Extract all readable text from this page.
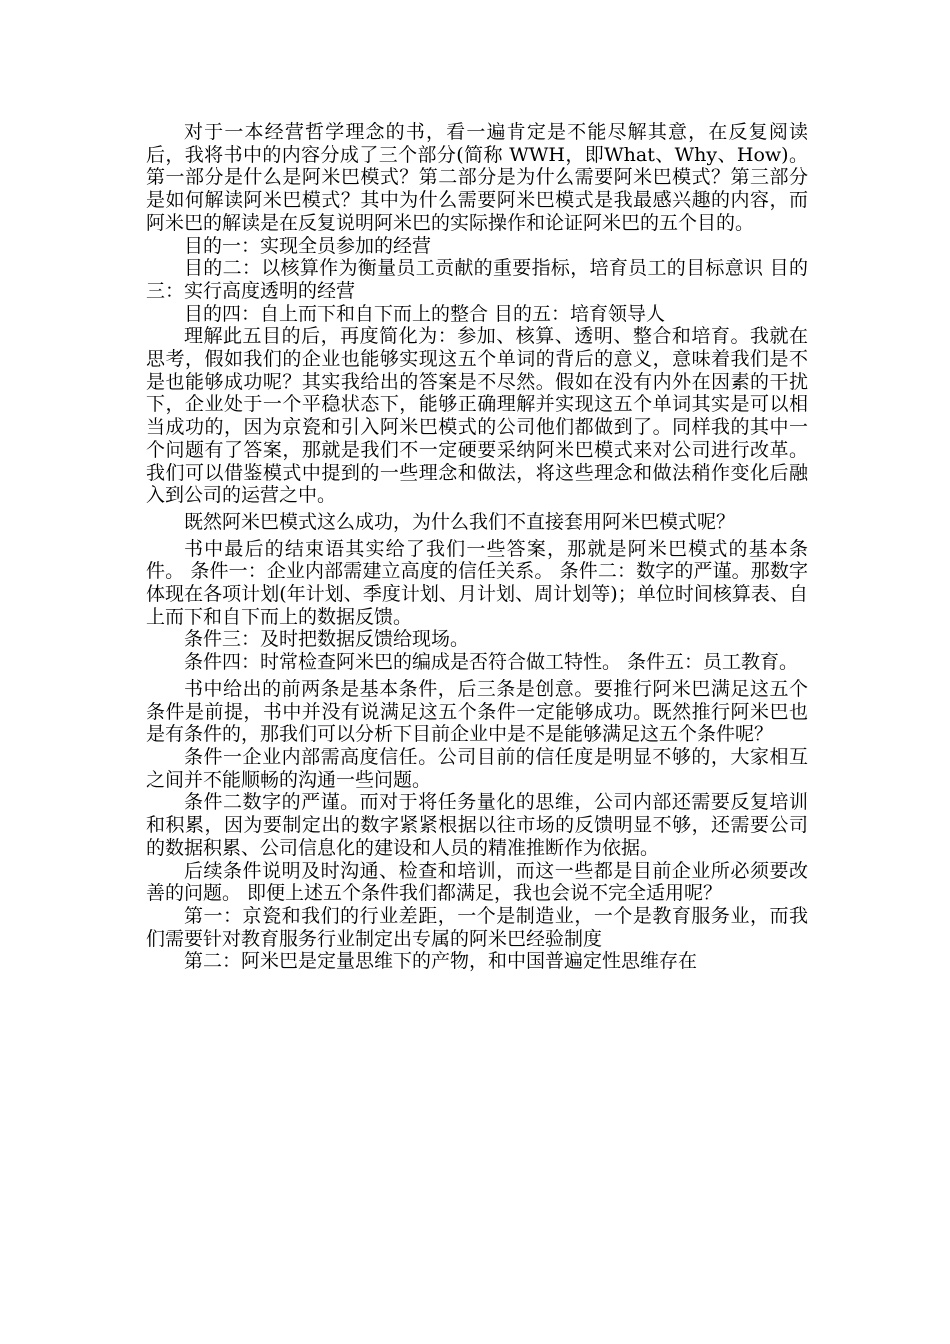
对于一本经营哲学理念的书，看一遍肯定是不能尽解其意，在反复阅读后，我将书中的内容分成了三个部分(简称 WWH，即What、Why、How)。第一部分是什么是阿米巴模式？第二部分是为什么需要阿米巴模式？第三部分是如何解读阿米巴模式？其中为什么需要阿米巴模式是我最感兴趣的内容，而阿米巴的解读是在反复说明阿米巴的实际操作和论证阿米巴的五个目的。

目的一：实现全员参加的经营

目的二：以核算作为衡量员工贡献的重要指标，培育员工的目标意识 目的三：实行高度透明的经营

目的四：自上而下和自下而上的整合 目的五：培育领导人

理解此五目的后，再度简化为：参加、核算、透明、整合和培育。我就在思考，假如我们的企业也能够实现这五个单词的背后的意义，意味着我们是不是也能够成功呢？其实我给出的答案是不尽然。假如在没有内外在因素的干扰下，企业处于一个平稳状态下，能够正确理解并实现这五个单词其实是可以相当成功的，因为京瓷和引入阿米巴模式的公司他们都做到了。同样我的其中一个问题有了答案，那就是我们不一定硬要采纳阿米巴模式来对公司进行改革。我们可以借鉴模式中提到的一些理念和做法，将这些理念和做法稍作变化后融入到公司的运营之中。

既然阿米巴模式这么成功，为什么我们不直接套用阿米巴模式呢？

书中最后的结束语其实给了我们一些答案，那就是阿米巴模式的基本条件。 条件一：企业内部需建立高度的信任关系。 条件二：数字的严谨。那数字体现在各项计划(年计划、季度计划、月计划、周计划等)；单位时间核算表、自上而下和自下而上的数据反馈。

条件三：及时把数据反馈给现场。

条件四：时常检查阿米巴的编成是否符合做工特性。 条件五：员工教育。

书中给出的前两条是基本条件，后三条是创意。要推行阿米巴满足这五个条件是前提，书中并没有说满足这五个条件一定能够成功。既然推行阿米巴也是有条件的，那我们可以分析下目前企业中是不是能够满足这五个条件呢？

条件一企业内部需高度信任。公司目前的信任度是明显不够的，大家相互之间并不能顺畅的沟通一些问题。

条件二数字的严谨。而对于将任务量化的思维，公司内部还需要反复培训和积累，因为要制定出的数字紧紧根据以往市场的反馈明显不够，还需要公司的数据积累、公司信息化的建设和人员的精准推断作为依据。

后续条件说明及时沟通、检查和培训，而这一些都是目前企业所必须要改善的问题。 即便上述五个条件我们都满足，我也会说不完全适用呢？

第一：京瓷和我们的行业差距，一个是制造业，一个是教育服务业，而我们需要针对教育服务行业制定出专属的阿米巴经验制度

第二：阿米巴是定量思维下的产物，和中国普遍定性思维存在
